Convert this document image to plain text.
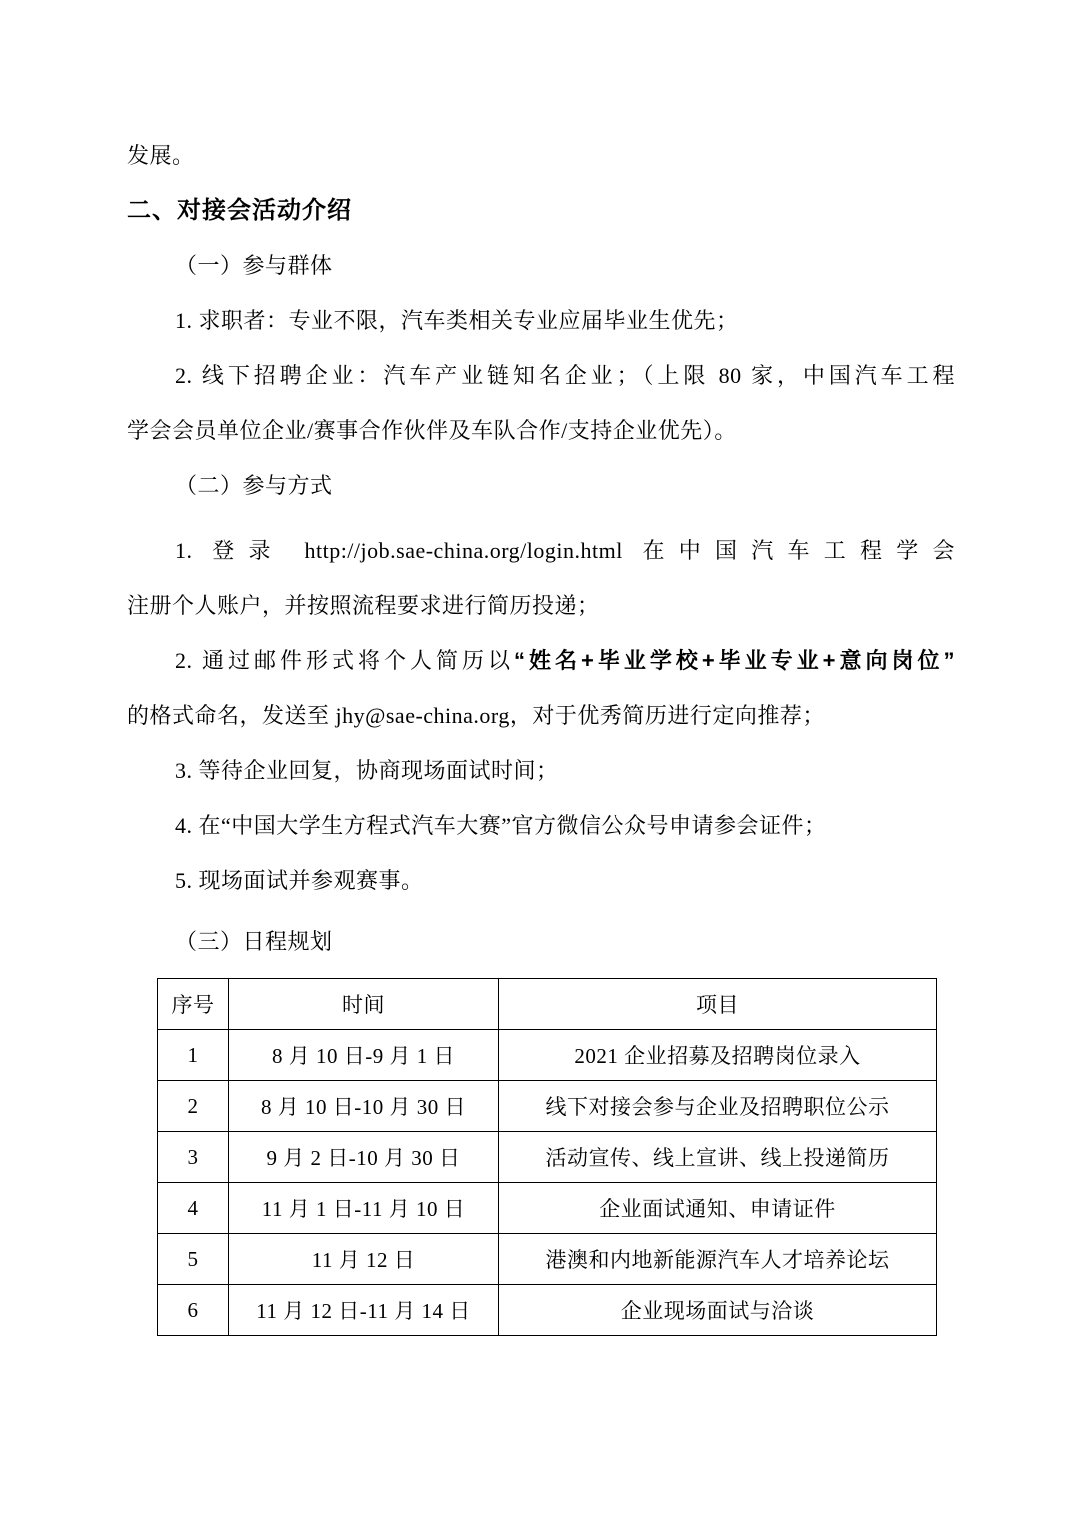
发展。
二、对接会活动介绍
（一）参与群体
1. 求职者：专业不限，汽车类相关专业应届毕业生优先；
2. 线下招聘企业：汽车产业链知名企业；（上限 80 家，中国汽车工程
学会会员单位企业/赛事合作伙伴及车队合作/支持企业优先）。
（二）参与方式
1. 登录 http://job.sae-china.org/login.html 在中国汽车工程学会
注册个人账户，并按照流程要求进行简历投递；
2. 通过邮件形式将个人简历以“姓名+毕业学校+毕业专业+意向岗位”
的格式命名，发送至 jhy@sae-china.org，对于优秀简历进行定向推荐；
3. 等待企业回复，协商现场面试时间；
4. 在“中国大学生方程式汽车大赛”官方微信公众号申请参会证件；
5. 现场面试并参观赛事。
（三）日程规划
序号	时间	项目
1	8 月 10 日-9 月 1 日	2021 企业招募及招聘岗位录入
2	8 月 10 日-10 月 30 日	线下对接会参与企业及招聘职位公示
3	9 月 2 日-10 月 30 日	活动宣传、线上宣讲、线上投递简历
4	11 月 1 日-11 月 10 日	企业面试通知、申请证件
5	11 月 12 日	港澳和内地新能源汽车人才培养论坛
6	11 月 12 日-11 月 14 日	企业现场面试与洽谈
